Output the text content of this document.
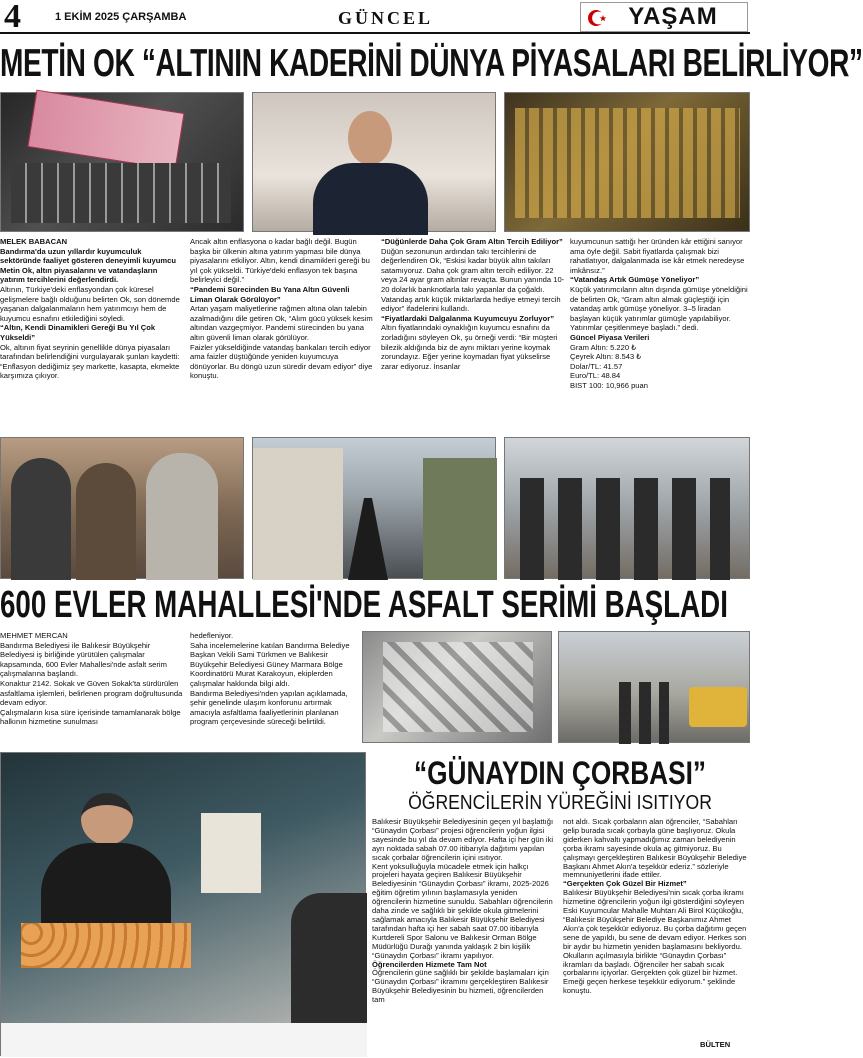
4	1 EKİM 2025 ÇARŞAMBA	GÜNCEL	YAŞAM
METİN OK “ALTININ KADERİNİ DÜNYA PİYASALARI BELİRLİYOR”

MELEK BABACAN

Bandırma'da uzun yıllardır kuyumculuk sektöründe faaliyet gösteren deneyimli kuyumcu Metin Ok, altın piyasalarını ve vatandaşların yatırım tercihlerini değerlendirdi.

Altının, Türkiye'deki enflasyondan çok küresel gelişmelere bağlı olduğunu belirten Ok, son dönemde yaşanan dalgalanmaların hem yatırımcıyı hem de kuyumcu esnafını etkilediğini söyledi.

“Altın, Kendi Dinamikleri Gereği Bu Yıl Çok Yükseldi”

Ok, altının fiyat seyrinin genellikle dünya piyasaları tarafından belirlendiğini vurgulayarak şunları kaydetti:

“Enflasyon dediğimiz şey markette, kasapta, ekmekte karşımıza çıkıyor.

Ancak altın enflasyona o kadar bağlı değil. Bugün başka bir ülkenin altına yatırım yapması bile dünya piyasalarını etkiliyor. Altın, kendi dinamikleri gereği bu yıl çok yükseldi. Türkiye'deki enflasyon tek başına belirleyici değil.”

“Pandemi Sürecinden Bu Yana Altın Güvenli Liman Olarak Görülüyor”

Artan yaşam maliyetlerine rağmen altına olan talebin azalmadığını dile getiren Ok, “Alım gücü yüksek kesim altından vazgeçmiyor. Pandemi sürecinden bu yana altın güvenli liman olarak görülüyor.

Faizler yükseldiğinde vatandaş bankaları tercih ediyor ama faizler düştüğünde yeniden kuyumcuya dönüyorlar. Bu döngü uzun süredir devam ediyor” diye konuştu.

“Düğünlerde Daha Çok Gram Altın Tercih Ediliyor”

Düğün sezonunun ardından takı tercihlerini de değerlendiren Ok, “Eskisi kadar büyük altın takıları satamıyoruz. Daha çok gram altın tercih ediliyor. 22 veya 24 ayar gram altınlar revaçta. Bunun yanında 10-20 dolarlık banknotlarla takı yapanlar da çoğaldı. Vatandaş artık küçük miktarlarda hediye etmeyi tercih ediyor” ifadelerini kullandı.

“Fiyatlardaki Dalgalanma Kuyumcuyu Zorluyor”

Altın fiyatlarındaki oynaklığın kuyumcu esnafını da zorladığını söyleyen Ok, şu örneği verdi: “Bir müşteri bilezik aldığında biz de aynı miktarı yerine koymak zorundayız. Eğer yerine koymadan fiyat yükselirse zarar ediyoruz. İnsanlar

kuyumcunun sattığı her üründen kâr ettiğini sanıyor ama öyle değil. Sabit fiyatlarda çalışmak bizi rahatlatıyor, dalgalanmada ise kâr etmek neredeyse imkânsız.”

“Vatandaş Artık Gümüşe Yöneliyor”

Küçük yatırımcıların altın dışında gümüşe yöneldiğini de belirten Ok, “Gram altın almak güçleştiği için vatandaş artık gümüşe yöneliyor. 3–5 liradan başlayan küçük yatırımlar gümüşle yapılabiliyor. Yatırımlar çeşitlenmeye başladı.” dedi.

Güncel Piyasa Verileri

Gram Altın: 5.220 ₺

Çeyrek Altın: 8.543 ₺

Dolar/TL: 41.57

Euro/TL: 48.84

BIST 100: 10,966 puan

600 EVLER MAHALLESİ'NDE ASFALT SERİMİ BAŞLADI

MEHMET MERCAN

Bandırma Belediyesi ile Balıkesir Büyükşehir Belediyesi iş birliğinde yürütülen çalışmalar kapsamında, 600 Evler Mahallesi'nde asfalt serim çalışmalarına başlandı.

Konaktur 2142. Sokak ve Güven Sokak'ta sürdürülen asfaltlama işlemleri, belirlenen program doğrultusunda devam ediyor.

Çalışmaların kısa süre içerisinde tamamlanarak bölge halkının hizmetine sunulması

hedefleniyor.

Saha incelemelerine katılan Bandırma Belediye Başkan Vekili Sami Türkmen ve Balıkesir Büyükşehir Belediyesi Güney Marmara Bölge Koordinatörü Murat Karakoyun, ekiplerden çalışmalar hakkında bilgi aldı.

Bandırma Belediyesi'nden yapılan açıklamada, şehir genelinde ulaşım konforunu artırmak amacıyla asfaltlama faaliyetlerinin planlanan program çerçevesinde süreceği belirtildi.

“GÜNAYDIN ÇORBASI”
ÖĞRENCİLERİN YÜREĞİNİ ISITIYOR

Balıkesir Büyükşehir Belediyesinin geçen yıl başlattığı “Günaydın Çorbası” projesi öğrencilerin yoğun ilgisi sayesinde bu yıl da devam ediyor. Hafta içi her gün iki ayrı noktada sabah 07.00 itibarıyla dağıtımı yapılan sıcak çorbalar öğrencilerin içini ısıtıyor.

Kent yoksulluğuyla mücadele etmek için halkçı projeleri hayata geçiren Balıkesir Büyükşehir Belediyesinin “Günaydın Çorbası” ikramı, 2025-2026 eğitim öğretim yılının başlamasıyla yeniden öğrencilerin hizmetine sunuldu. Sabahları öğrencilerin daha zinde ve sağlıklı bir şekilde okula gitmelerini sağlamak amacıyla Balıkesir Büyükşehir Belediyesi tarafından hafta içi her sabah saat 07.00 itibarıyla Kurtdereli Spor Salonu ve Balıkesir Orman Bölge Müdürlüğü Durağı yanında yaklaşık 2 bin kişilik “Günaydın Çorbası” ikramı yapılıyor.

Öğrencilerden Hizmete Tam Not

Öğrencilerin güne sağlıklı bir şekilde başlamaları için “Günaydın Çorbası” ikramını gerçekleştiren Balıkesir Büyükşehir Belediyesinin bu hizmeti, öğrencilerden tam

not aldı. Sıcak çorbaların alan öğrenciler, “Sabahları gelip burada sıcak çorbayla güne başlıyoruz. Okula giderken kahvaltı yapmadığımız zaman belediyenin çorba ikramı sayesinde okula aç gitmiyoruz. Bu çalışmayı gerçekleştiren Balıkesir Büyükşehir Belediye Başkanı Ahmet Akın'a teşekkür ederiz.” sözleriyle memnuniyetlerini ifade ettiler.

“Gerçekten Çok Güzel Bir Hizmet”

Balıkesir Büyükşehir Belediyesi'nin sıcak çorba ikramı hizmetine öğrencilerin yoğun ilgi gösterdiğini söyleyen Eski Kuyumcular Mahalle Muhtarı Ali Birol Küçükoğlu, “Balıkesir Büyükşehir Belediye Başkanımız Ahmet Akın'a çok teşekkür ediyoruz. Bu çorba dağıtımı geçen sene de yapıldı, bu sene de devam ediyor. Herkes son bir aydır bu hizmetin yeniden başlamasını bekliyordu. Okulların açılmasıyla birlikte “Günaydın Çorbası” ikramları da başladı. Öğrenciler her sabah sıcak çorbalarını içiyorlar. Gerçekten çok güzel bir hizmet. Emeği geçen herkese teşekkür ediyorum.” şeklinde konuştu.

BÜLTEN
